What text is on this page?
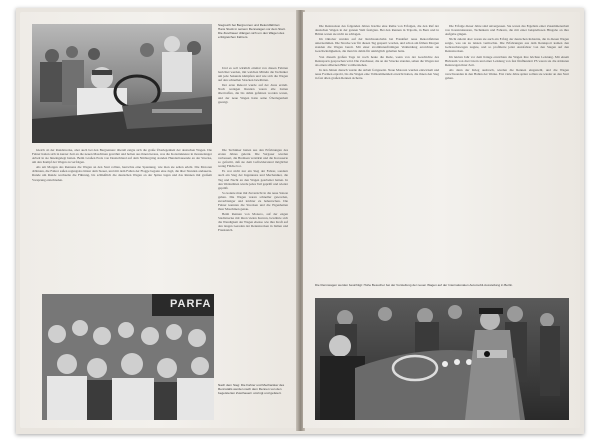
Siegreich bei Bergrennen und Rekordfahrten: Hans Stuck in seinem Rennwagen vor dem Start. Die Zuschauer drängen sich um den Wagen des erfolgreichen Fahrers.

Und es soll wirklich einmal von diesen Fahrten berichtet werden, mit welchen Mitteln die Techniker um jede Sekunde kämpften und wie sich die Wagen auf den schnellen Strecken bewährten.

Der erste Rekord wurde auf der Avus erzielt. Nach wenigen Runden waren alle Zeiten übertroffen, die bis dahin gefahren worden waren, und der neue Wagen hatte seine Überlegenheit gezeigt.

Gleich ob der Rundstrecke, aber auch bei den Bergrennen: überall zeigte sich die große Überlegenheit der deutschen Wagen. Die Fahrer hatten sich in kurzer Zeit an die neuen Maschinen gewöhnt und holten aus ihnen heraus, was die Konstrukteure in monatelanger Arbeit in sie hineingelegt hatten. Beim Großen Preis von Deutschland auf dem Nürburgring standen Hunderttausende an der Strecke, um den Kampf der Wagen zu verfolgen.

Als am Morgen des Rennens die Wagen an den Start rollten, herrschte eine Spannung, wie man sie selten erlebt. Die Motoren dröhnten, die Fahrer saßen regungslos hinter dem Steuer, und mit dem Fallen der Flagge begann eine Jagd, die über Stunden andauerte. Runde um Runde wechselte die Führung, bis schließlich die deutschen Wagen an der Spitze lagen und das Rennen mit großem Vorsprung entschieden.

Die Techniker hatten aus den Erfahrungen des ersten Jahres gelernt. Die Vergaser wurden verbessert, die Bremsen verstärkt und die Karosserie so geformt, daß sie dem Luftwiderstand möglichst wenig Fläche bot.

Es war nicht nur ein Sieg der Fahrer, sondern auch ein Sieg der Ingenieure und Mechaniker, die Tag und Nacht an den Wagen gearbeitet hatten. In den Werkstätten wurde jedes Teil geprüft und wieder geprüft.

So konnte man mit Zuversicht in die neue Saison gehen. Die Wagen waren schneller geworden, zuverlässiger und leichter zu beherrschen. Die Fahrer kannten die Strecken und die Eigenheiten ihrer Maschinen genau.

Beim Rennen von Monaco, auf der engen Stadtstrecke mit ihren vielen Kurven, bewährte sich die Wendigkeit der Wagen ebenso wie ihre Kraft auf den langen Geraden der Rennstrecken in Italien und Frankreich.

PARFA
Nach dem Sieg: Die Fahrer und Mechaniker des Rennstalls werden nach dem Rennen von den begeisterten Zuschauern umringt und gefeiert.

Die Rennsaison des folgenden Jahres brachte eine Reihe von Erfolgen, die den Ruf der deutschen Wagen in der ganzen Welt festigten. Bei den Rennen in Tripolis, in Bern und in Brünn waren sie nicht zu schlagen.

Im Oktober wurden auf der Reichsautobahn bei Frankfurt neue Rekordfahrten unternommen. Die Strecke war für diesen Tag gesperrt worden, und schon am frühen Morgen standen die Wagen bereit. Mit einer stromlinienförmigen Verkleidung erreichten sie Geschwindigkeiten, die man bis dahin für unmöglich gehalten hatte.

Von diesem großen Tage ist noch heute die Rede, wenn von der Geschichte des Rennsports gesprochen wird. Die Zuschauer, die an der Strecke standen, sahen die Wagen nur als einen silbernen Blitz vorüberziehen.

In den Jahren danach wurde die Arbeit fortgesetzt. Neue Motoren wurden entwickelt und neue Formen erprobt, bis die Wagen eine Vollkommenheit erreicht hatten, die ihnen den Sieg in fast allen großen Rennen sicherte.

Die Erfolge dieser Jahre sind unvergessen. Sie waren das Ergebnis einer Zusammenarbeit von Konstrukteuren, Technikern und Fahrern, die mit einer beispiellosen Hingabe an ihre Aufgabe gingen.

Nicht zuletzt aber waren sie auch ein Erfolg der deutschen Industrie, die in diesen Wagen zeigte, was sie zu leisten vermochte. Die Erfahrungen aus dem Rennsport kamen den Gebrauchswagen zugute, und so profitierte jeder Autofahrer von den Siegen auf den Rennstrecken.

Im letzten Jahr vor dem Kriege erreichten die Wagen ihre höchste Leistung. Mit einem Hubraum von drei Litern und einer Leistung von fast fünfhundert PS waren sie die stärksten Rennwagen ihrer Zeit.

Als dann der Krieg ausbrach, wurden die Rennen eingestellt, und die Wagen verschwanden in den Hallen der Werke. Erst viele Jahre später sollten sie wieder an den Start gehen.

Die Rennwagen werden besichtigt: Hohe Besucher bei der Vorstellung der neuen Wagen auf der Internationalen Automobil-Ausstellung in Berlin.
